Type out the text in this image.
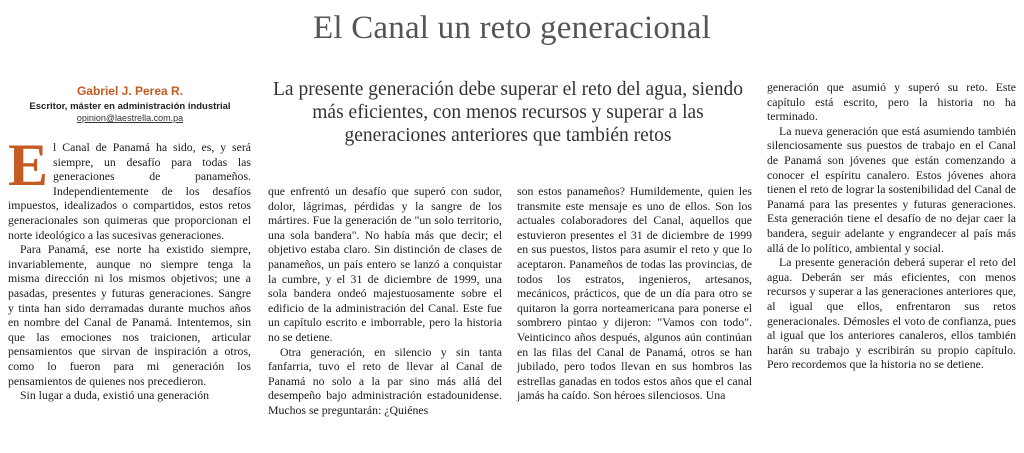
El Canal un reto generacional
Gabriel J. Perea R.
Escritor, máster en administración industrial
opinion@laestrella.com.pa
La presente generación debe superar el reto del agua, siendo más eficientes, con menos recursos y superar a las generaciones anteriores que también retos

El Canal de Panamá ha sido, es, y será siempre, un desafío para todas las generaciones de panameños. Independientemente de los desafíos impuestos, idealizados o compartidos, estos retos generacionales son quimeras que proporcionan el norte ideológico a las sucesivas generaciones.

Para Panamá, ese norte ha existido siempre, invariablemente, aunque no siempre tenga la misma dirección ni los mismos objetivos; une a pasadas, presentes y futuras generaciones. Sangre y tinta han sido derramadas durante muchos años en nombre del Canal de Panamá. Intentemos, sin que las emociones nos traicionen, articular pensamientos que sirvan de inspiración a otros, como lo fueron para mi generación los pensamientos de quienes nos precedieron.

Sin lugar a duda, existió una generación

que enfrentó un desafío que superó con sudor, dolor, lágrimas, pérdidas y la sangre de los mártires. Fue la generación de "un solo territorio, una sola bandera". No había más que decir; el objetivo estaba claro. Sin distinción de clases de panameños, un país entero se lanzó a conquistar la cumbre, y el 31 de diciembre de 1999, una sola bandera ondeó majestuosamente sobre el edificio de la administración del Canal. Este fue un capítulo escrito e imborrable, pero la historia no se detiene.

Otra generación, en silencio y sin tanta fanfarria, tuvo el reto de llevar al Canal de Panamá no solo a la par sino más allá del desempeño bajo administración estadounidense. Muchos se preguntarán: ¿Quiénes

son estos panameños? Humildemente, quien les transmite este mensaje es uno de ellos. Son los actuales colaboradores del Canal, aquellos que estuvieron presentes el 31 de diciembre de 1999 en sus puestos, listos para asumir el reto y que lo aceptaron. Panameños de todas las provincias, de todos los estratos, ingenieros, artesanos, mecánicos, prácticos, que de un día para otro se quitaron la gorra norteamericana para ponerse el sombrero pintao y dijeron: "Vamos con todo". Veinticinco años después, algunos aún continúan en las filas del Canal de Panamá, otros se han jubilado, pero todos llevan en sus hombros las estrellas ganadas en todos estos años que el canal jamás ha caído. Son héroes silenciosos. Una

generación que asumió y superó su reto. Este capítulo está escrito, pero la historia no ha terminado.

La nueva generación que está asumiendo también silenciosamente sus puestos de trabajo en el Canal de Panamá son jóvenes que están comenzando a conocer el espíritu canalero. Estos jóvenes ahora tienen el reto de lograr la sostenibilidad del Canal de Panamá para las presentes y futuras generaciones. Esta generación tiene el desafío de no dejar caer la bandera, seguir adelante y engrandecer al país más allá de lo político, ambiental y social.

La presente generación deberá superar el reto del agua. Deberán ser más eficientes, con menos recursos y superar a las generaciones anteriores que, al igual que ellos, enfrentaron sus retos generacionales. Démosles el voto de confianza, pues al igual que los anteriores canaleros, ellos también harán su trabajo y escribirán su propio capítulo. Pero recordemos que la historia no se detiene.
